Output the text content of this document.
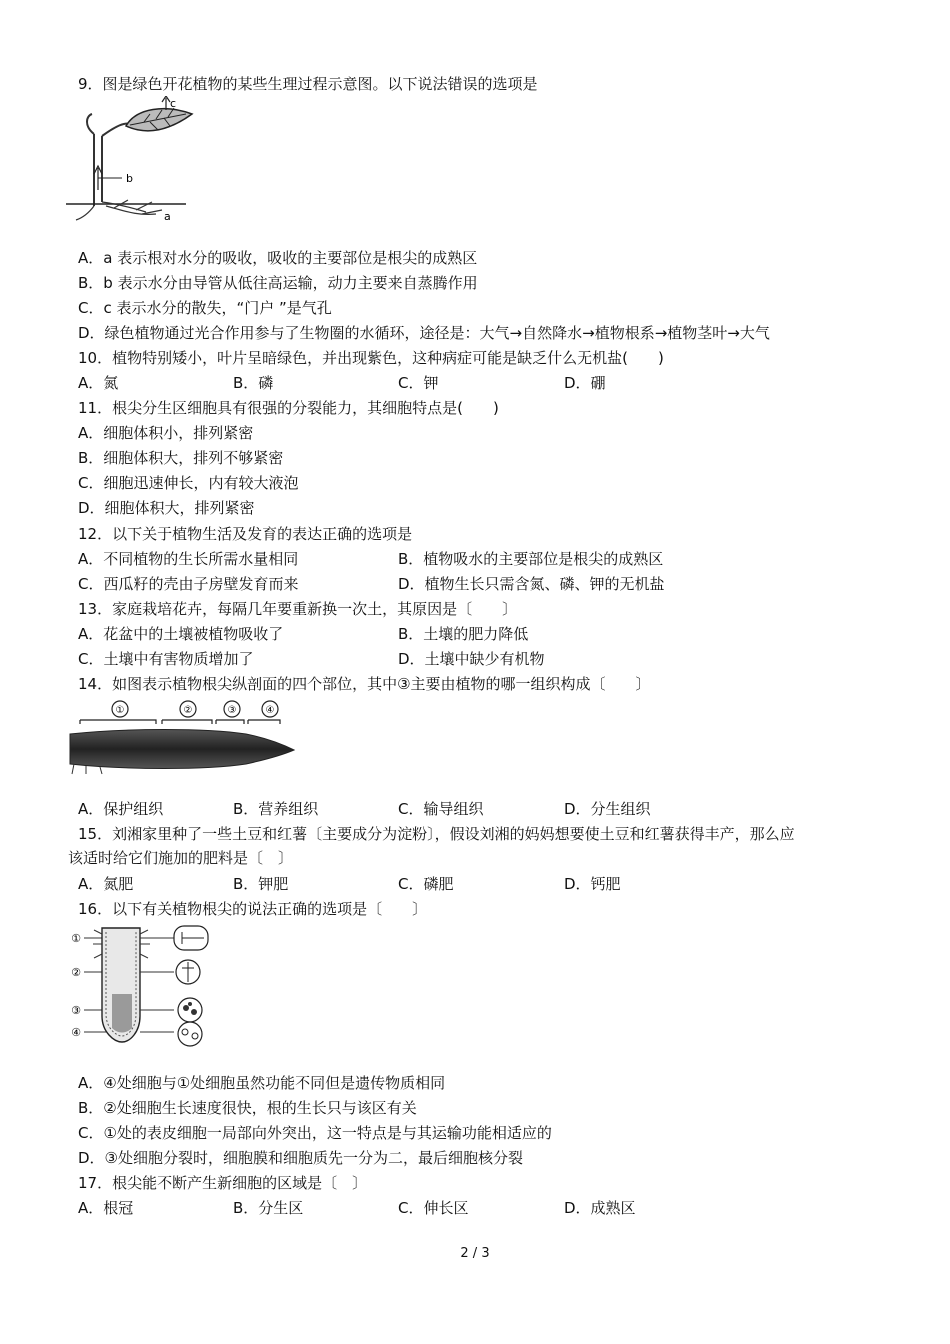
9．图是绿色开花植物的某些生理过程示意图。以下说法错误的选项是
c
b
a
A．a 表示根对水分的吸收，吸收的主要部位是根尖的成熟区
B．b 表示水分由导管从低往高运输，动力主要来自蒸腾作用
C．c 表示水分的散失，“门户 ”是气孔
D．绿色植物通过光合作用参与了生物圈的水循环，途径是：大气→自然降水→植物根系→植物茎叶→大气
10．植物特别矮小，叶片呈暗绿色，并出现紫色，这种病症可能是缺乏什么无机盐(　　)
A．氮	B．磷	C．钾	D．硼
11．根尖分生区细胞具有很强的分裂能力，其细胞特点是(　　)
A．细胞体积小，排列紧密
B．细胞体积大，排列不够紧密
C．细胞迅速伸长，内有较大液泡
D．细胞体积大，排列紧密
12．以下关于植物生活及发育的表达正确的选项是
A．不同植物的生长所需水量相同	B．植物吸水的主要部位是根尖的成熟区
C．西瓜籽的壳由子房壁发育而来	D．植物生长只需含氮、磷、钾的无机盐
13．家庭栽培花卉，每隔几年要重新换一次土，其原因是〔　　〕
A．花盆中的土壤被植物吸收了	B．土壤的肥力降低
C．土壤中有害物质增加了	D．土壤中缺少有机物
14．如图表示植物根尖纵剖面的四个部位，其中③主要由植物的哪一组织构成〔　　〕
①	②	③	④
A．保护组织	B．营养组织	C．输导组织	D．分生组织
15．刘湘家里种了一些土豆和红薯〔主要成分为淀粉〕，假设刘湘的妈妈想要使土豆和红薯获得丰产，那么应
该适时给它们施加的肥料是〔　〕
A．氮肥	B．钾肥	C．磷肥	D．钙肥
16．以下有关植物根尖的说法正确的选项是〔　　〕
①
②
③
④
A．④处细胞与①处细胞虽然功能不同但是遗传物质相同
B．②处细胞生长速度很快，根的生长只与该区有关
C．①处的表皮细胞一局部向外突出，这一特点是与其运输功能相适应的
D．③处细胞分裂时，细胞膜和细胞质先一分为二，最后细胞核分裂
17．根尖能不断产生新细胞的区域是〔　〕
A．根冠	B．分生区	C．伸长区	D．成熟区
2 / 3
